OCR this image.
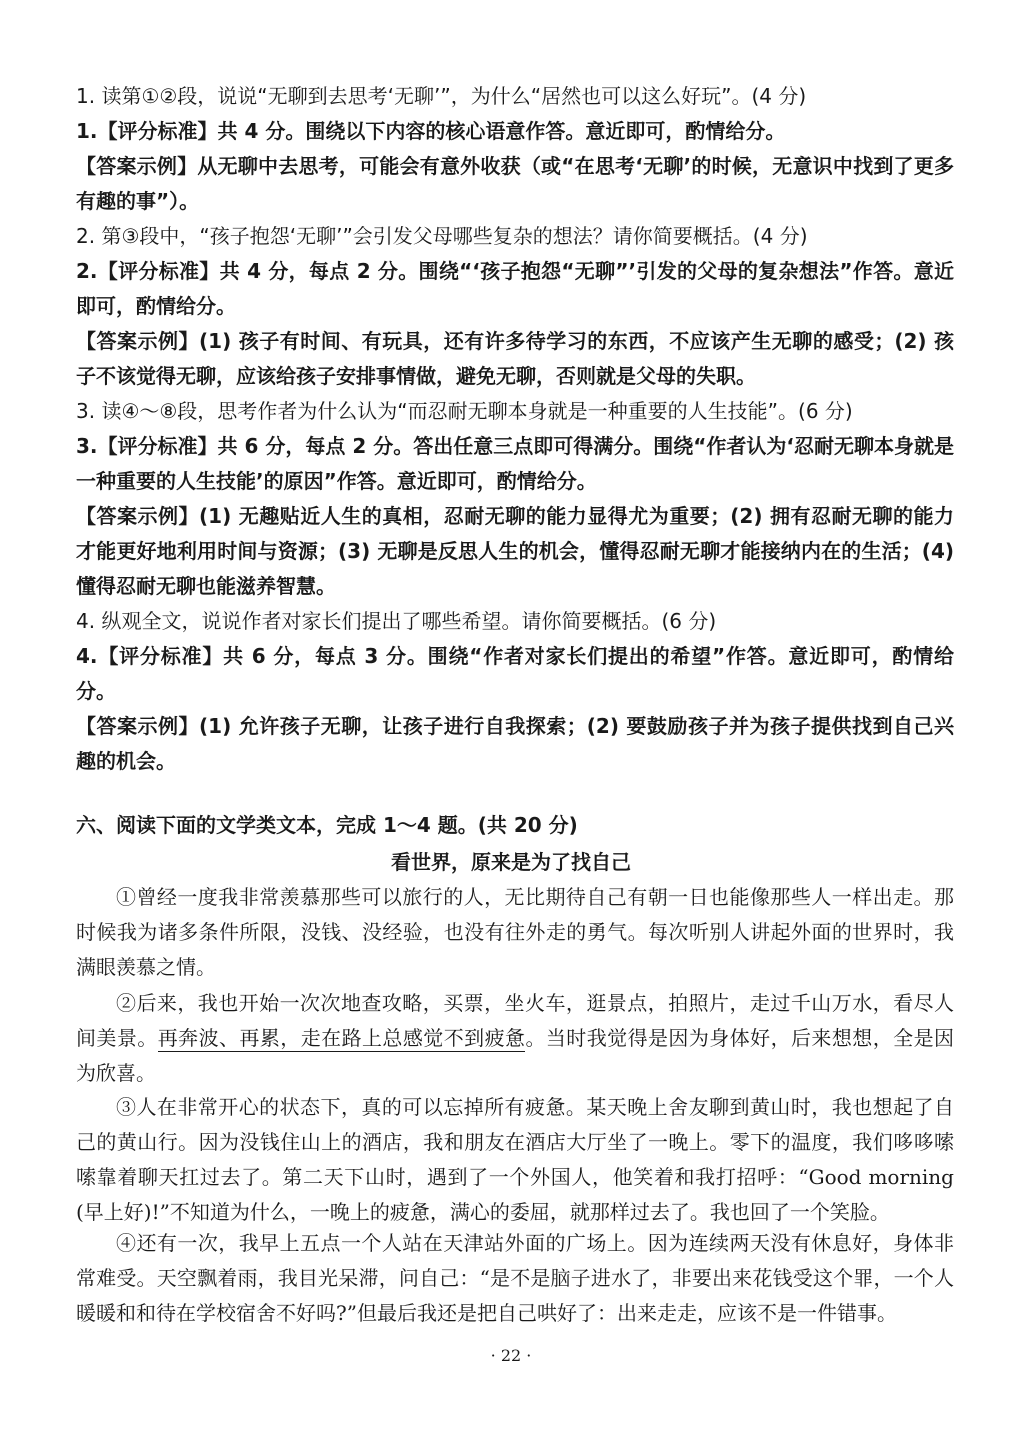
1. 读第①②段，说说“无聊到去思考‘无聊’”，为什么“居然也可以这么好玩”。(4 分)

1.【评分标准】共 4 分。围绕以下内容的核心语意作答。意近即可，酌情给分。

【答案示例】从无聊中去思考，可能会有意外收获（或“在思考‘无聊’的时候，无意识中找到了更多有趣的事”）。

2. 第③段中，“孩子抱怨‘无聊’”会引发父母哪些复杂的想法？请你简要概括。(4 分)

2.【评分标准】共 4 分，每点 2 分。围绕“‘孩子抱怨“无聊”’引发的父母的复杂想法”作答。意近即可，酌情给分。

【答案示例】(1) 孩子有时间、有玩具，还有许多待学习的东西，不应该产生无聊的感受；(2) 孩子不该觉得无聊，应该给孩子安排事情做，避免无聊，否则就是父母的失职。

3. 读④～⑧段，思考作者为什么认为“而忍耐无聊本身就是一种重要的人生技能”。(6 分)

3.【评分标准】共 6 分，每点 2 分。答出任意三点即可得满分。围绕“作者认为‘忍耐无聊本身就是一种重要的人生技能’的原因”作答。意近即可，酌情给分。

【答案示例】(1) 无趣贴近人生的真相，忍耐无聊的能力显得尤为重要；(2) 拥有忍耐无聊的能力才能更好地利用时间与资源；(3) 无聊是反思人生的机会，懂得忍耐无聊才能接纳内在的生活；(4) 懂得忍耐无聊也能滋养智慧。

4. 纵观全文，说说作者对家长们提出了哪些希望。请你简要概括。(6 分)

4.【评分标准】共 6 分，每点 3 分。围绕“作者对家长们提出的希望”作答。意近即可，酌情给分。

【答案示例】(1) 允许孩子无聊，让孩子进行自我探索；(2) 要鼓励孩子并为孩子提供找到自己兴趣的机会。

六、阅读下面的文学类文本，完成 1～4 题。(共 20 分)

看世界，原来是为了找自己

①曾经一度我非常羡慕那些可以旅行的人，无比期待自己有朝一日也能像那些人一样出走。那时候我为诸多条件所限，没钱、没经验，也没有往外走的勇气。每次听别人讲起外面的世界时，我满眼羡慕之情。

②后来，我也开始一次次地查攻略，买票，坐火车，逛景点，拍照片，走过千山万水，看尽人间美景。再奔波、再累，走在路上总感觉不到疲惫。当时我觉得是因为身体好，后来想想，全是因为欣喜。

③人在非常开心的状态下，真的可以忘掉所有疲惫。某天晚上舍友聊到黄山时，我也想起了自己的黄山行。因为没钱住山上的酒店，我和朋友在酒店大厅坐了一晚上。零下的温度，我们哆哆嗦嗦靠着聊天扛过去了。第二天下山时，遇到了一个外国人，他笑着和我打招呼：“Good morning (早上好)!”不知道为什么，一晚上的疲惫，满心的委屈，就那样过去了。我也回了一个笑脸。

④还有一次，我早上五点一个人站在天津站外面的广场上。因为连续两天没有休息好，身体非常难受。天空飘着雨，我目光呆滞，问自己：“是不是脑子进水了，非要出来花钱受这个罪，一个人暖暖和和待在学校宿舍不好吗?”但最后我还是把自己哄好了：出来走走，应该不是一件错事。

· 22 ·
